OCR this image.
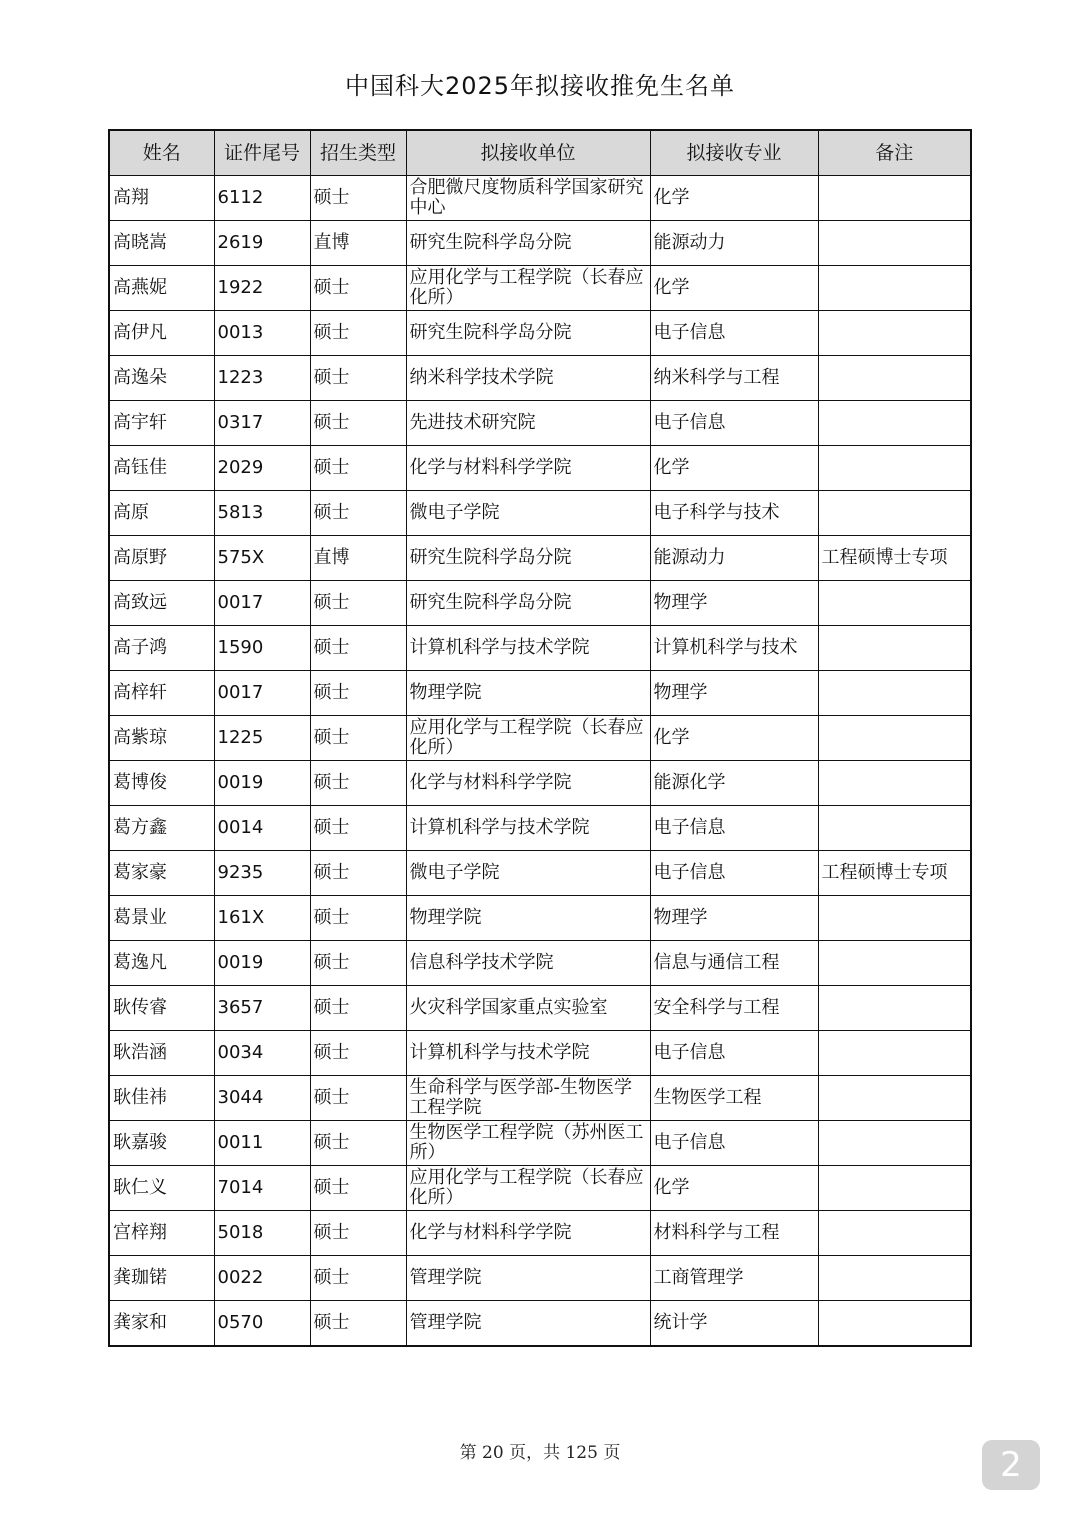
中国科大2025年拟接收推免生名单
姓名	证件尾号	招生类型	拟接收单位	拟接收专业	备注
高翔	6112	硕士	合肥微尺度物质科学国家研究中心	化学	
高晓嵩	2619	直博	研究生院科学岛分院	能源动力	
高燕妮	1922	硕士	应用化学与工程学院（长春应化所）	化学	
高伊凡	0013	硕士	研究生院科学岛分院	电子信息	
高逸朵	1223	硕士	纳米科学技术学院	纳米科学与工程	
高宇轩	0317	硕士	先进技术研究院	电子信息	
高钰佳	2029	硕士	化学与材料科学学院	化学	
高原	5813	硕士	微电子学院	电子科学与技术	
高原野	575X	直博	研究生院科学岛分院	能源动力	工程硕博士专项
高致远	0017	硕士	研究生院科学岛分院	物理学	
高子鸿	1590	硕士	计算机科学与技术学院	计算机科学与技术	
高梓轩	0017	硕士	物理学院	物理学	
高紫琼	1225	硕士	应用化学与工程学院（长春应化所）	化学	
葛博俊	0019	硕士	化学与材料科学学院	能源化学	
葛方鑫	0014	硕士	计算机科学与技术学院	电子信息	
葛家豪	9235	硕士	微电子学院	电子信息	工程硕博士专项
葛景业	161X	硕士	物理学院	物理学	
葛逸凡	0019	硕士	信息科学技术学院	信息与通信工程	
耿传睿	3657	硕士	火灾科学国家重点实验室	安全科学与工程	
耿浩涵	0034	硕士	计算机科学与技术学院	电子信息	
耿佳祎	3044	硕士	生命科学与医学部-生物医学工程学院	生物医学工程	
耿嘉骏	0011	硕士	生物医学工程学院（苏州医工所）	电子信息	
耿仁义	7014	硕士	应用化学与工程学院（长春应化所）	化学	
宫梓翔	5018	硕士	化学与材料科学学院	材料科学与工程	
龚珈锘	0022	硕士	管理学院	工商管理学	
龚家和	0570	硕士	管理学院	统计学	
第 20 页，共 125 页	2
